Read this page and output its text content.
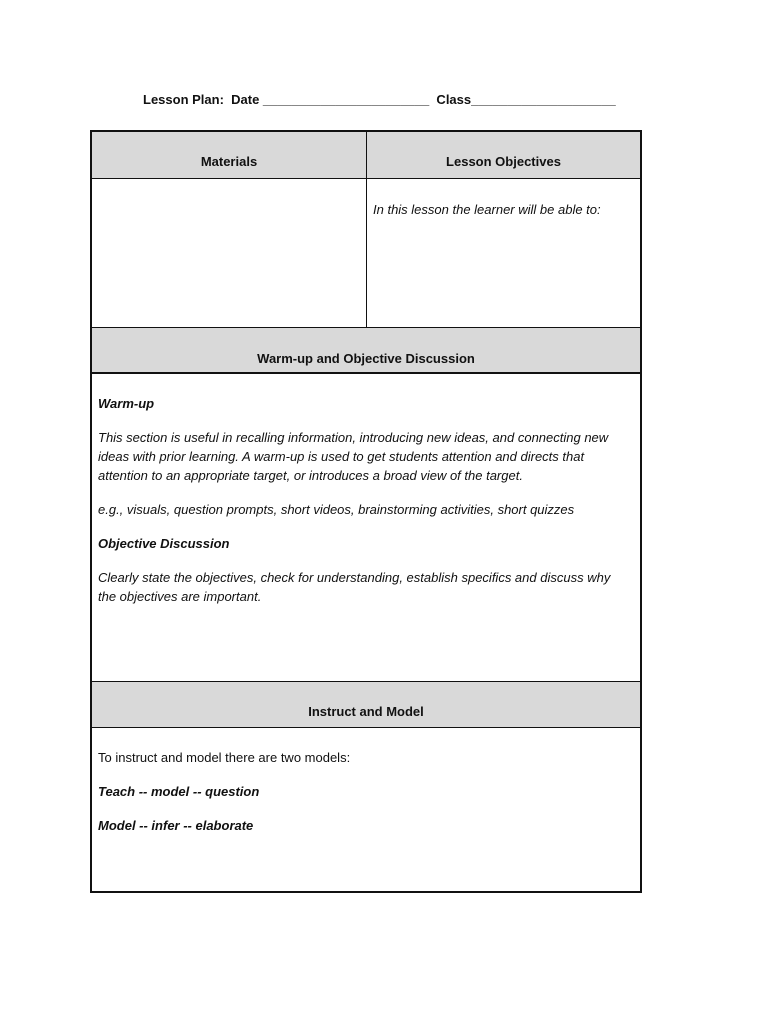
Lesson Plan:  Date _______________________  Class____________________
Materials	Lesson Objectives
In this lesson the learner will be able to:
Warm-up and Objective Discussion
Warm-up
This section is useful in recalling information, introducing new ideas, and connecting new ideas with prior learning. A warm-up is used to get students attention and directs that attention to an appropriate target, or introduces a broad view of the target.
e.g., visuals, question prompts, short videos, brainstorming activities, short quizzes
Objective Discussion
Clearly state the objectives, check for understanding, establish specifics and discuss why the objectives are important.
Instruct and Model
To instruct and model there are two models:
Teach -- model -- question
Model -- infer -- elaborate
